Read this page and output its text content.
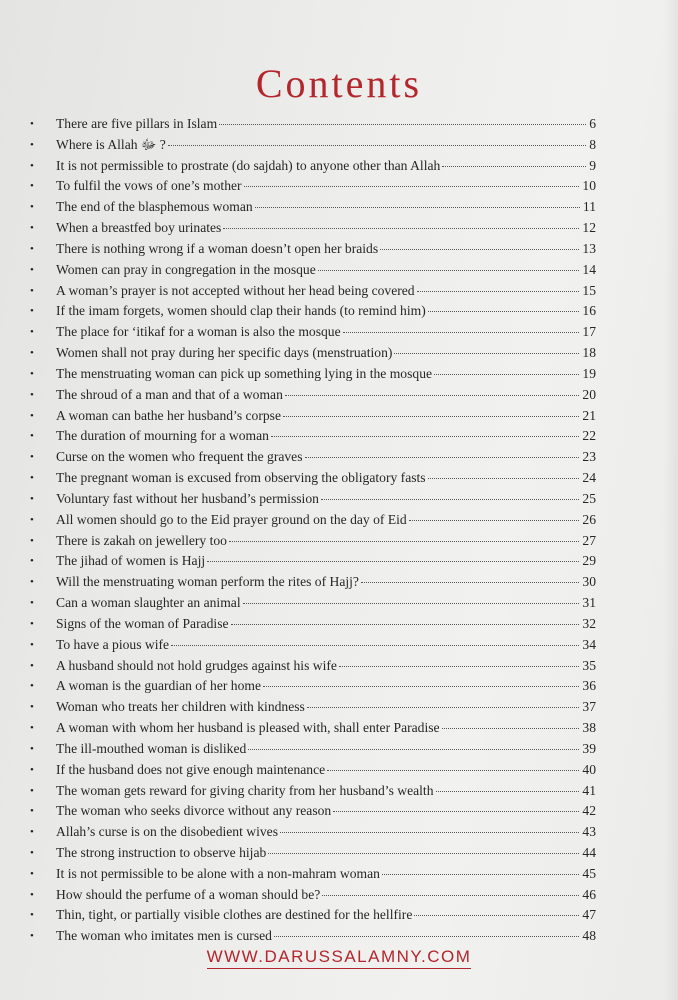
Contents
• There are five pillars in Islam	6
• Where is Allah ﷻ ?	8
• It is not permissible to prostrate (do sajdah) to anyone other than Allah	9
• To fulfil the vows of one’s mother	10
• The end of the blasphemous woman	11
• When a breastfed boy urinates	12
• There is nothing wrong if a woman doesn’t open her braids	13
• Women can pray in congregation in the mosque	14
• A woman’s prayer is not accepted without her head being covered	15
• If the imam forgets, women should clap their hands (to remind him)	16
• The place for ‘itikaf for a woman is also the mosque	17
• Women shall not pray during her specific days (menstruation)	18
• The menstruating woman can pick up something lying in the mosque	19
• The shroud of a man and that of a woman	20
• A woman can bathe her husband’s corpse	21
• The duration of mourning for a woman	22
• Curse on the women who frequent the graves	23
• The pregnant woman is excused from observing the obligatory fasts	24
• Voluntary fast without her husband’s permission	25
• All women should go to the Eid prayer ground on the day of Eid	26
• There is zakah on jewellery too	27
• The jihad of women is Hajj	29
• Will the menstruating woman perform the rites of Hajj?	30
• Can a woman slaughter an animal	31
• Signs of the woman of Paradise	32
• To have a pious wife	34
• A husband should not hold grudges against his wife	35
• A woman is the guardian of her home	36
• Woman who treats her children with kindness	37
• A woman with whom her husband is pleased with, shall enter Paradise	38
• The ill-mouthed woman is disliked	39
• If the husband does not give enough maintenance	40
• The woman gets reward for giving charity from her husband’s wealth	41
• The woman who seeks divorce without any reason	42
• Allah’s curse is on the disobedient wives	43
• The strong instruction to observe hijab	44
• It is not permissible to be alone with a non-mahram woman	45
• How should the perfume of a woman should be?	46
• Thin, tight, or partially visible clothes are destined for the hellfire	47
• The woman who imitates men is cursed	48
WWW.DARUSSALAMNY.COM
